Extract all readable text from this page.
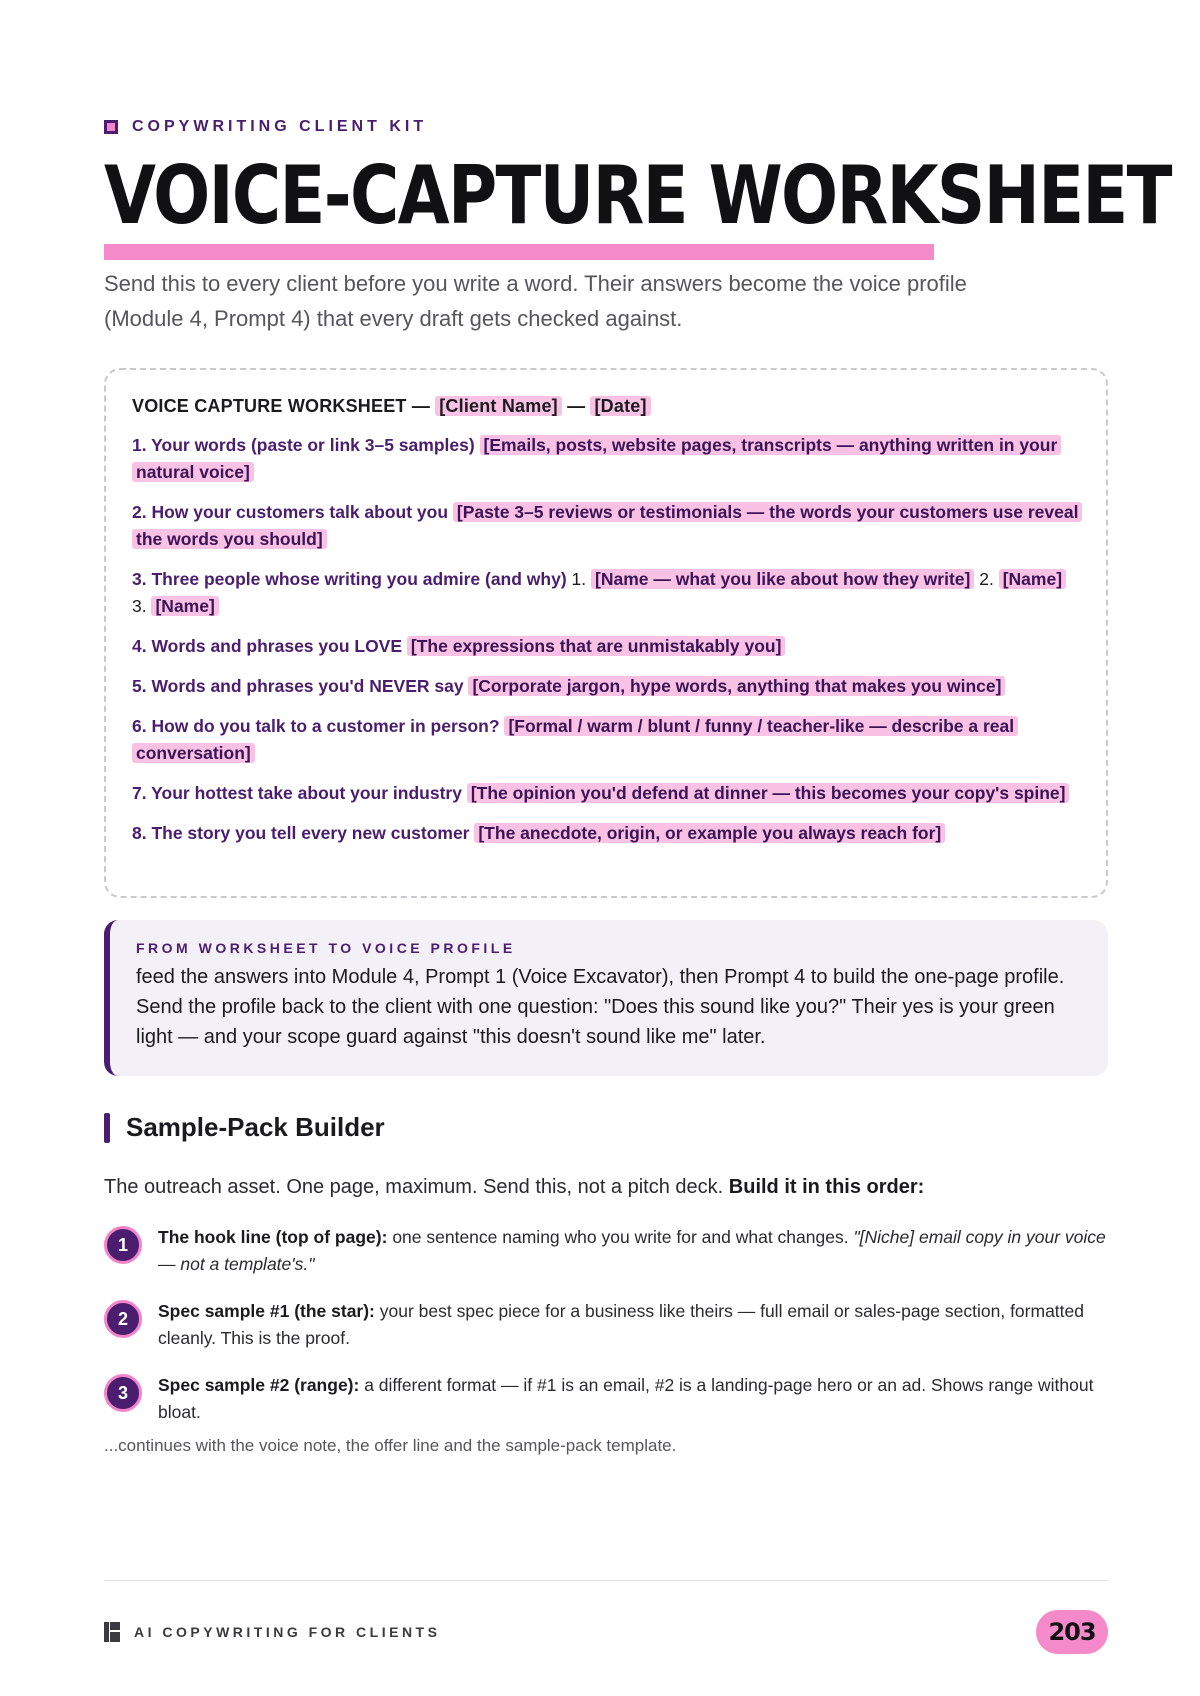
COPYWRITING CLIENT KIT
VOICE-CAPTURE WORKSHEET

Send this to every client before you write a word. Their answers become the voice profile (Module 4, Prompt 4) that every draft gets checked against.

VOICE CAPTURE WORKSHEET — [Client Name] — [Date]
1. Your words (paste or link 3–5 samples) [Emails, posts, website pages, transcripts — anything written in your natural voice]
2. How your customers talk about you [Paste 3–5 reviews or testimonials — the words your customers use reveal the words you should]
3. Three people whose writing you admire (and why) 1. [Name — what you like about how they write] 2. [Name] 3. [Name]
4. Words and phrases you LOVE [The expressions that are unmistakably you]
5. Words and phrases you'd NEVER say [Corporate jargon, hype words, anything that makes you wince]
6. How do you talk to a customer in person? [Formal / warm / blunt / funny / teacher-like — describe a real conversation]
7. Your hottest take about your industry [The opinion you'd defend at dinner — this becomes your copy's spine]
8. The story you tell every new customer [The anecdote, origin, or example you always reach for]
FROM WORKSHEET TO VOICE PROFILE

feed the answers into Module 4, Prompt 1 (Voice Excavator), then Prompt 4 to build the one-page profile. Send the profile back to the client with one question: "Does this sound like you?" Their yes is your green light — and your scope guard against "this doesn't sound like me" later.

Sample-Pack Builder

The outreach asset. One page, maximum. Send this, not a pitch deck. Build it in this order:

1	The hook line (top of page): one sentence naming who you write for and what changes. "[Niche] email copy in your voice — not a template's."
2	Spec sample #1 (the star): your best spec piece for a business like theirs — full email or sales-page section, formatted cleanly. This is the proof.
3	Spec sample #2 (range): a different format — if #1 is an email, #2 is a landing-page hero or an ad. Shows range without bloat.

...continues with the voice note, the offer line and the sample-pack template.

AI COPYWRITING FOR CLIENTS	203
